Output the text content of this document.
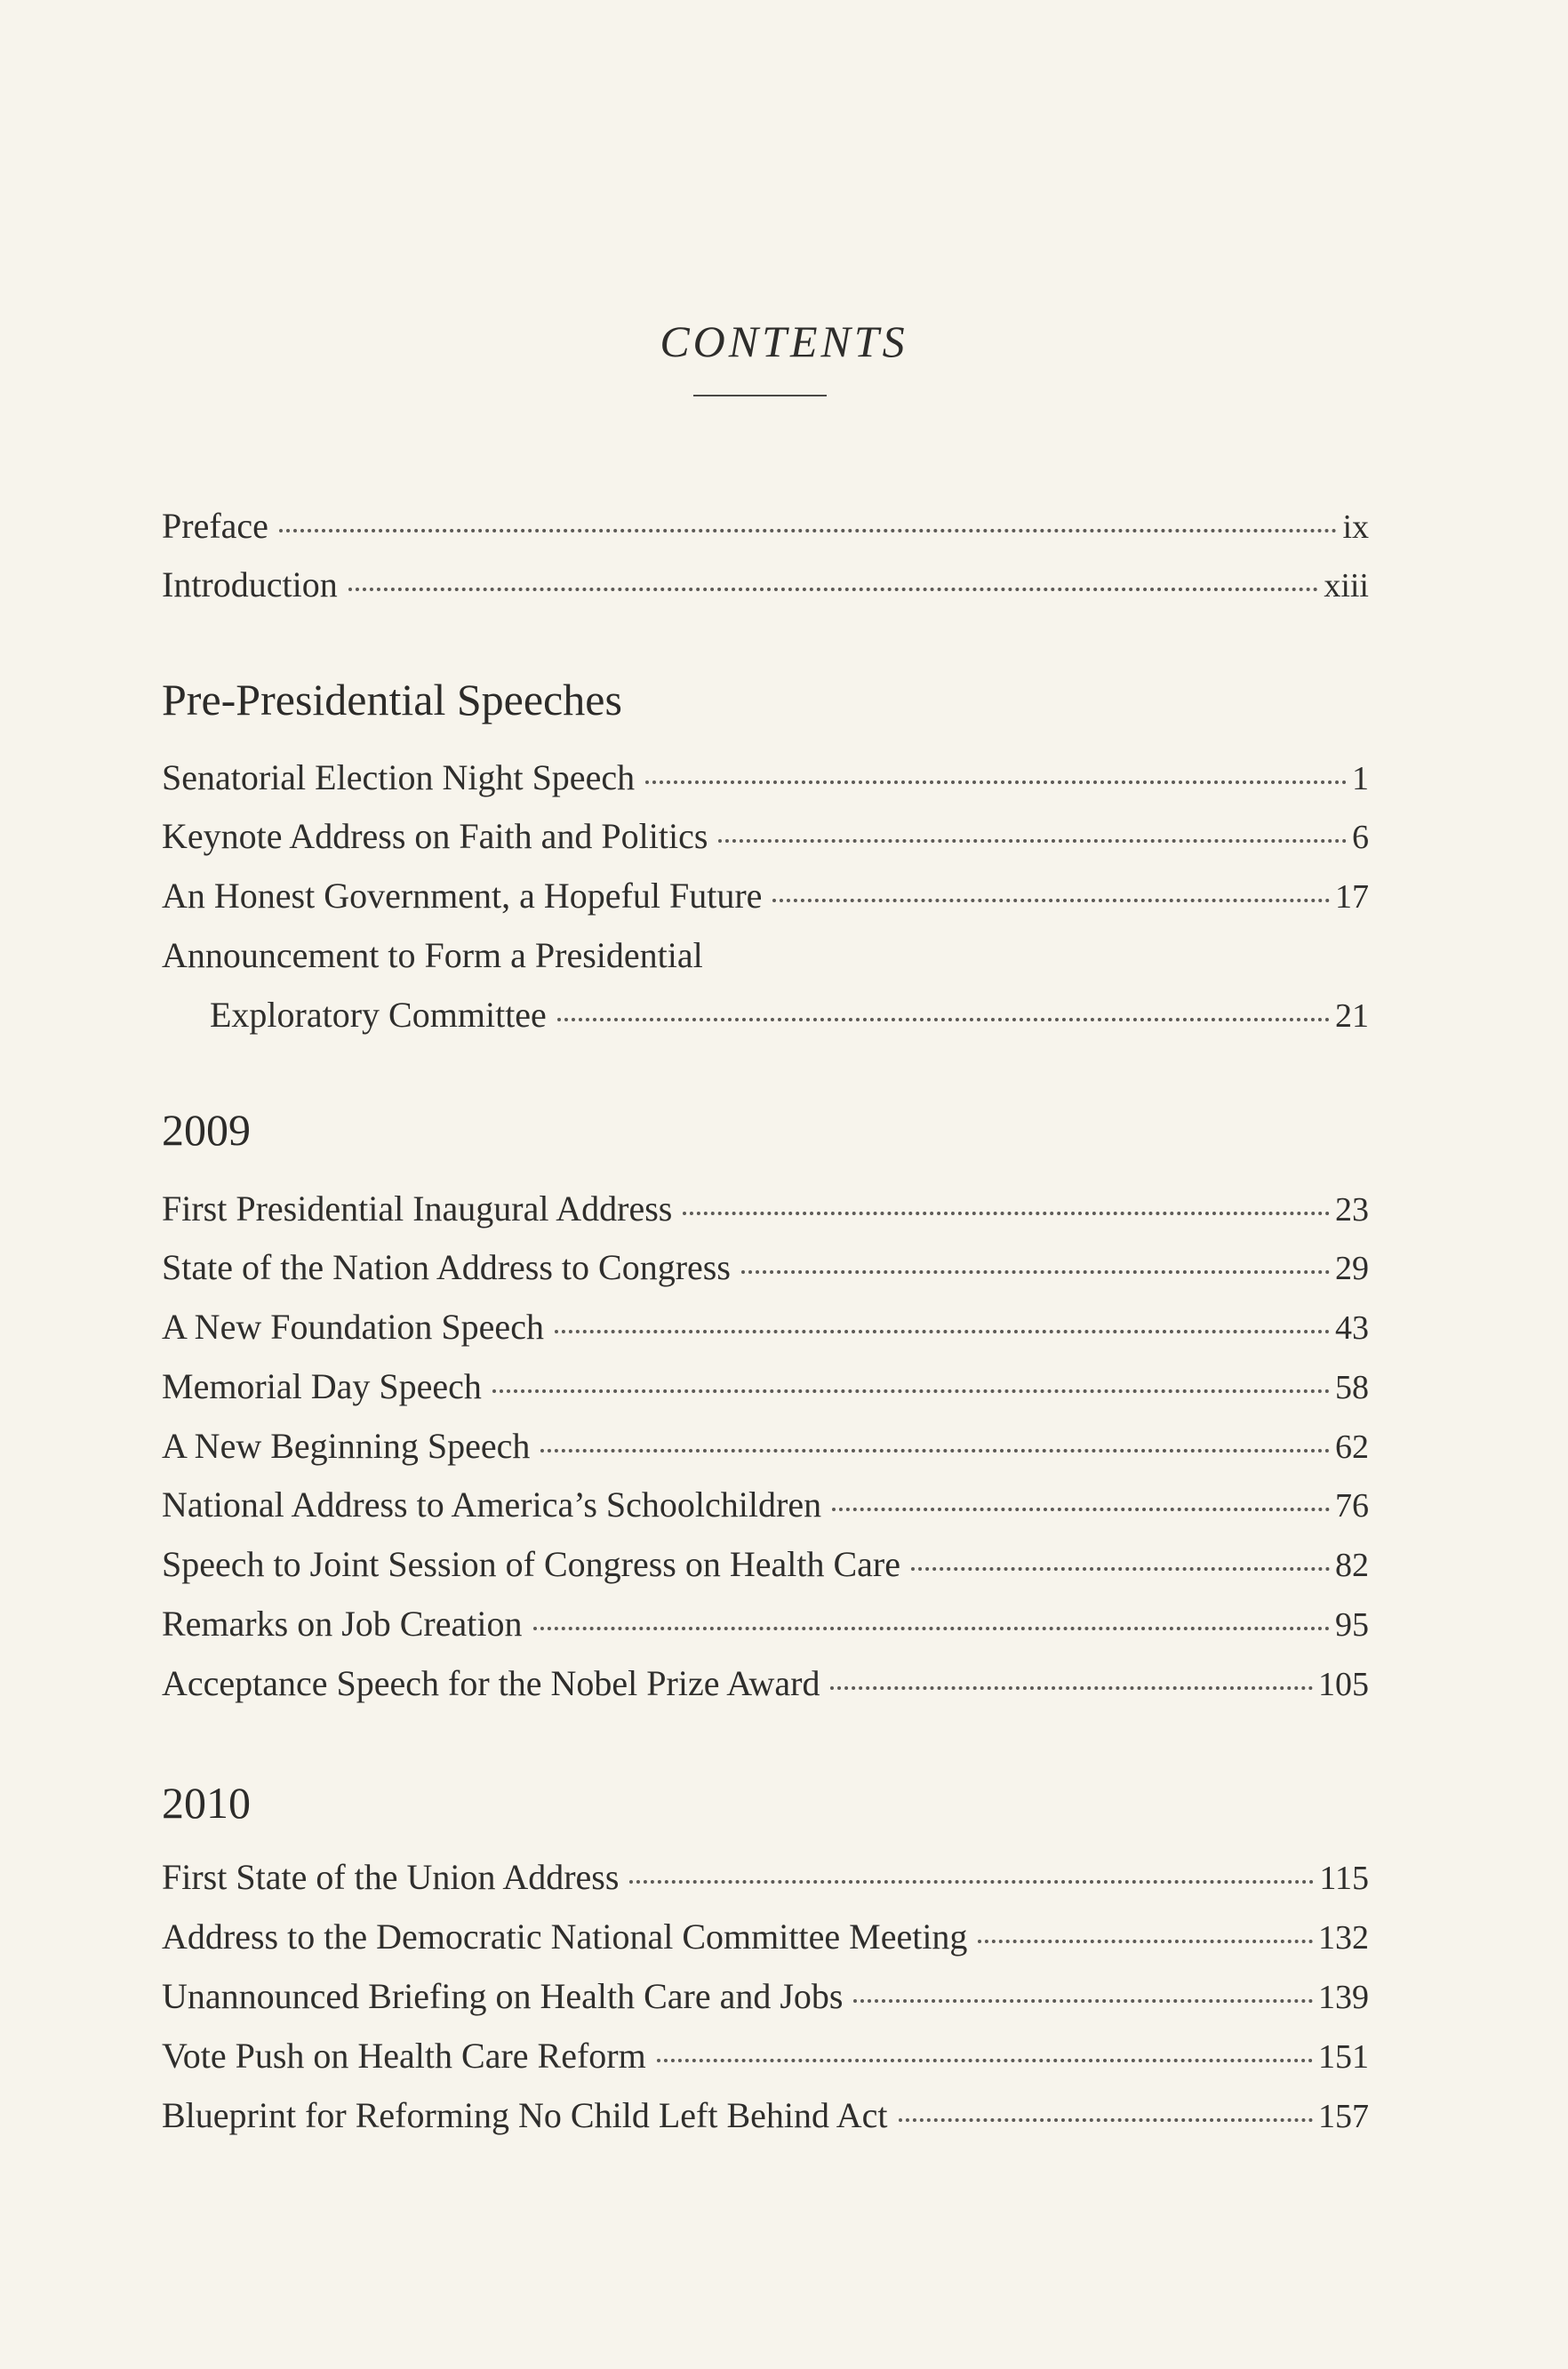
CONTENTS
Preface	ix
Introduction	xiii
Pre-Presidential Speeches
Senatorial Election Night Speech	1
Keynote Address on Faith and Politics	6
An Honest Government, a Hopeful Future	17
Announcement to Form a Presidential
Exploratory Committee	21
2009
First Presidential Inaugural Address	23
State of the Nation Address to Congress	29
A New Foundation Speech	43
Memorial Day Speech	58
A New Beginning Speech	62
National Address to America’s Schoolchildren	76
Speech to Joint Session of Congress on Health Care	82
Remarks on Job Creation	95
Acceptance Speech for the Nobel Prize Award	105
2010
First State of the Union Address	115
Address to the Democratic National Committee Meeting	132
Unannounced Briefing on Health Care and Jobs	139
Vote Push on Health Care Reform	151
Blueprint for Reforming No Child Left Behind Act	157
